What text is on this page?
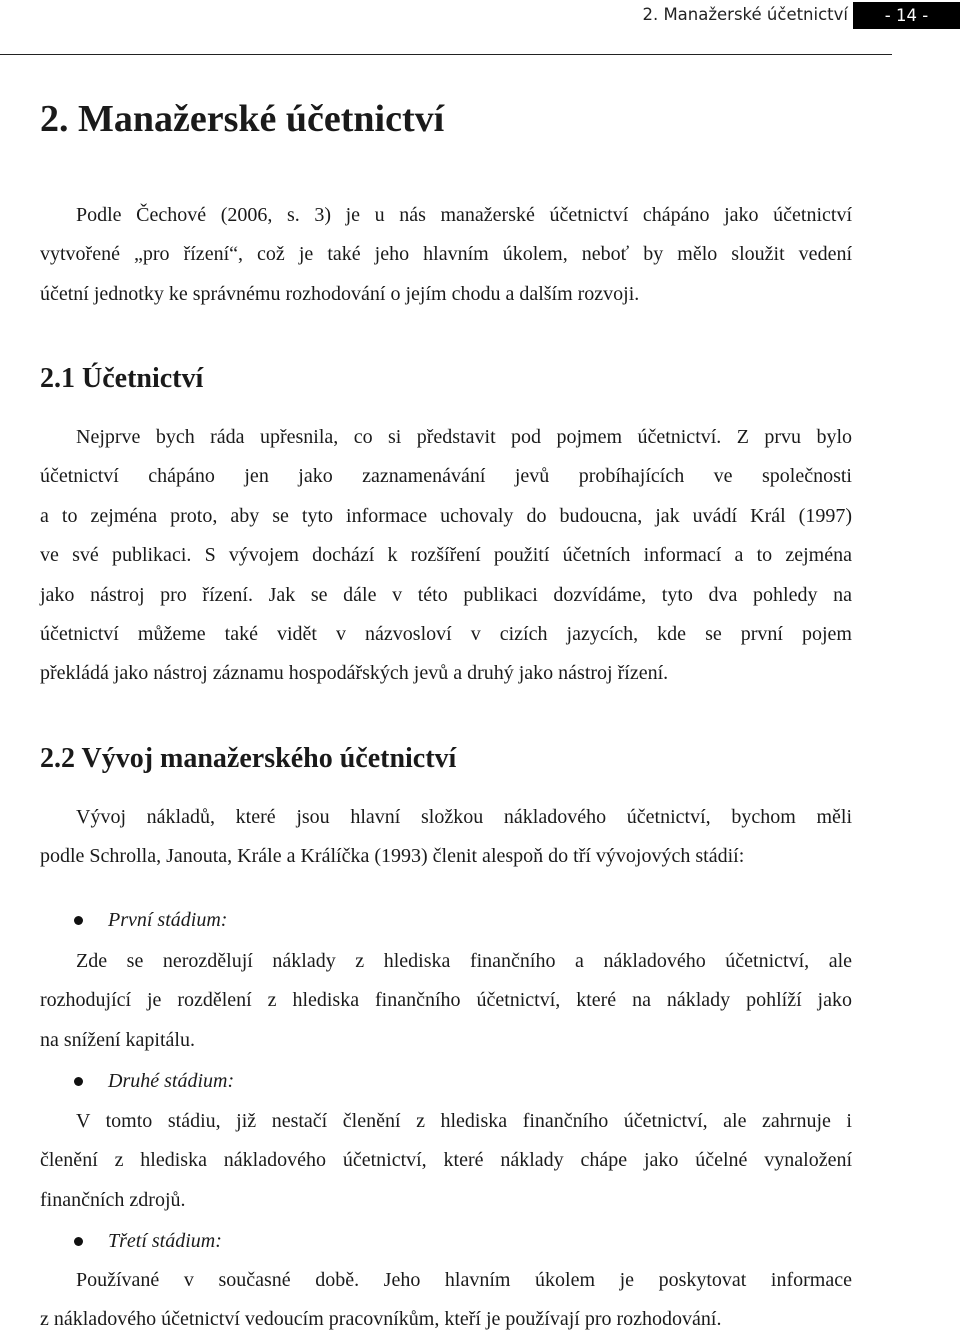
2. Manažerské účetnictví	- 14 -
2. Manažerské účetnictví
Podle Čechové (2006, s. 3) je u nás manažerské účetnictví chápáno jako účetnictví
vytvořené „pro řízení“, což je také jeho hlavním úkolem, neboť by mělo sloužit vedení
účetní jednotky ke správnému rozhodování o jejím chodu a dalším rozvoji.
2.1 Účetnictví
Nejprve bych ráda upřesnila, co si představit pod pojmem účetnictví. Z prvu bylo
účetnictví chápáno jen jako zaznamenávání jevů probíhajících ve společnosti
a to zejména proto, aby se tyto informace uchovaly do budoucna, jak uvádí Král (1997)
ve své publikaci. S vývojem dochází k rozšíření použití účetních informací a to zejména
jako nástroj pro řízení. Jak se dále v této publikaci dozvídáme, tyto dva pohledy na
účetnictví můžeme také vidět v názvosloví v cizích jazycích, kde se první pojem
překládá jako nástroj záznamu hospodářských jevů a druhý jako nástroj řízení.
2.2 Vývoj manažerského účetnictví
Vývoj nákladů, které jsou hlavní složkou nákladového účetnictví, bychom měli
podle Schrolla, Janouta, Krále a Králíčka (1993) členit alespoň do tří vývojových stádií:
První stádium:
Zde se nerozdělují náklady z hlediska finančního a nákladového účetnictví, ale
rozhodující je rozdělení z hlediska finančního účetnictví, které na náklady pohlíží jako
na snížení kapitálu.
Druhé stádium:
V tomto stádiu, již nestačí členění z hlediska finančního účetnictví, ale zahrnuje i
členění z hlediska nákladového účetnictví, které náklady chápe jako účelné vynaložení
finančních zdrojů.
Třetí stádium:
Používané v současné době. Jeho hlavním úkolem je poskytovat informace
z nákladového účetnictví vedoucím pracovníkům, kteří je používají pro rozhodování.
